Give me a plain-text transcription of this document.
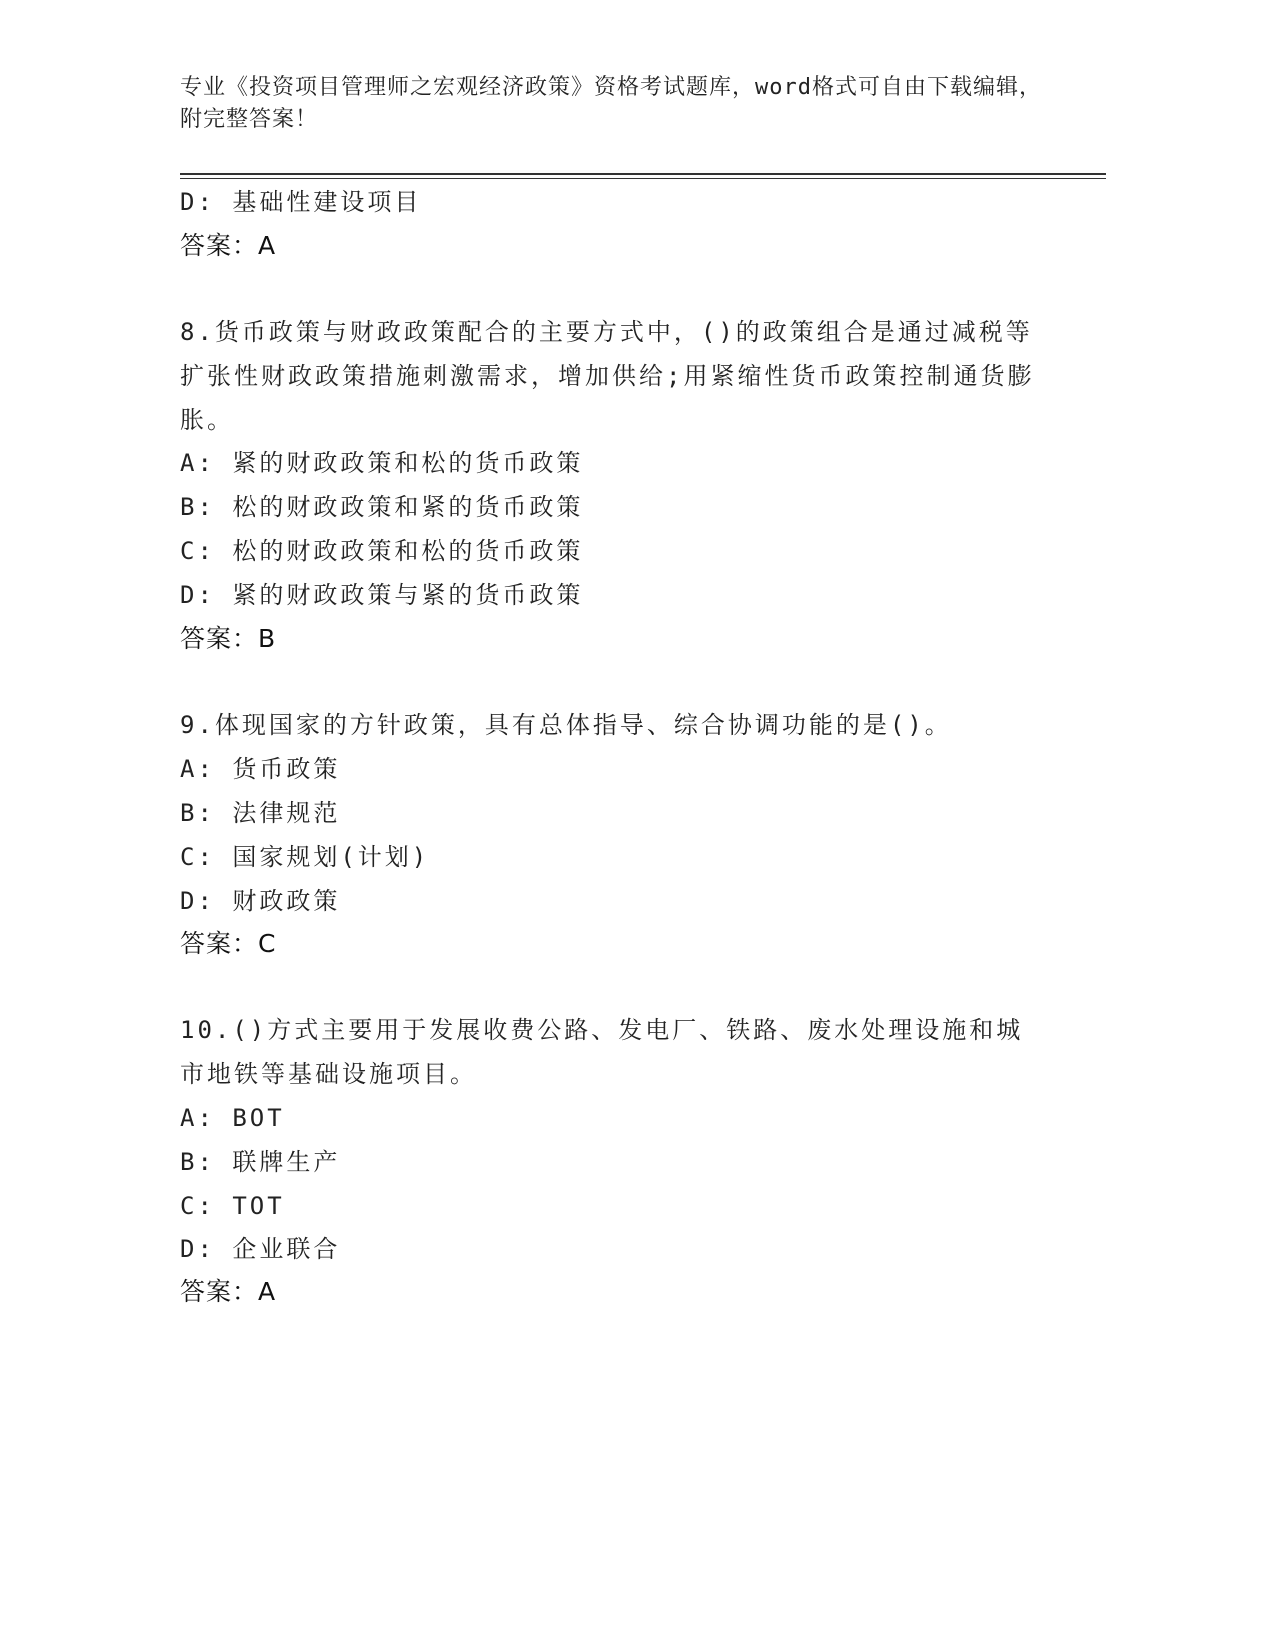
专业《投资项目管理师之宏观经济政策》资格考试题库，word格式可自由下载编辑，附完整答案！
D: 基础性建设项目
答案：A

8.货币政策与财政政策配合的主要方式中，()的政策组合是通过减税等扩张性财政政策措施刺激需求，增加供给;用紧缩性货币政策控制通货膨胀。

A: 紧的财政政策和松的货币政策
B: 松的财政政策和紧的货币政策
C: 松的财政政策和松的货币政策
D: 紧的财政政策与紧的货币政策
答案：B

9.体现国家的方针政策，具有总体指导、综合协调功能的是()。

A: 货币政策
B: 法律规范
C: 国家规划(计划)
D: 财政政策
答案：C

10.()方式主要用于发展收费公路、发电厂、铁路、废水处理设施和城市地铁等基础设施项目。

A: BOT
B: 联牌生产
C: TOT
D: 企业联合
答案：A
